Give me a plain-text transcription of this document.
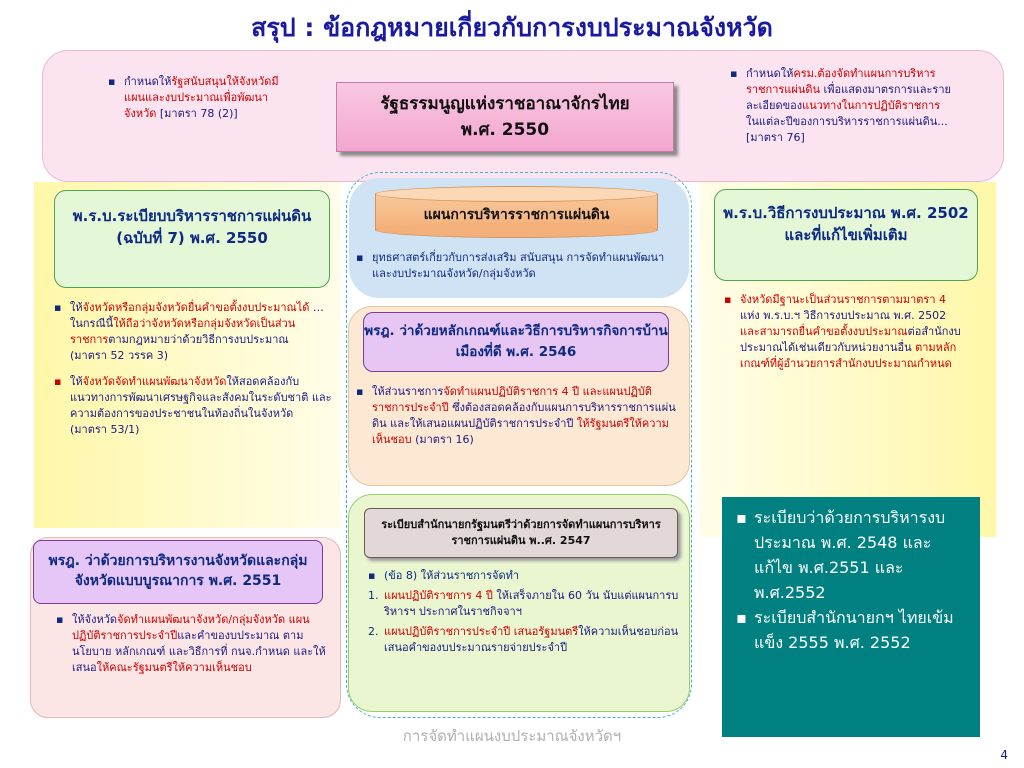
สรุป : ข้อกฎหมายเกี่ยวกับการงบประมาณจังหวัด
▪ กำหนดให้รัฐสนับสนุนให้จังหวัดมีแผนและงบประมาณเพื่อพัฒนาจังหวัด [มาตรา 78 (2)]	รัฐธรรมนูญแห่งราชอาณาจักรไทย
พ.ศ. 2550
▪ กำหนดให้ครม.ต้องจัดทำแผนการบริหารราชการแผ่นดิน เพื่อแสดงมาตรการและรายละเอียดของแนวทางในการปฏิบัติราชการในแต่ละปีของการบริหารราชการแผ่นดิน... [มาตรา 76]
พ.ร.บ.ระเบียบบริหารราชการแผ่นดิน (ฉบับที่ 7) พ.ศ. 2550
▪ ให้จังหวัดหรือกลุ่มจังหวัดยื่นคำขอตั้งงบประมาณได้ … ในกรณีนี้ให้ถือว่าจังหวัดหรือกลุ่มจังหวัดเป็นส่วนราชการตามกฎหมายว่าด้วยวิธีการงบประมาณ
(มาตรา 52 วรรค 3)
▪ ให้จังหวัดจัดทำแผนพัฒนาจังหวัดให้สอดคล้องกับแนวทางการพัฒนาเศรษฐกิจและสังคมในระดับชาติ และความต้องการของประชาชนในท้องถิ่นในจังหวัด
(มาตรา 53/1)
พรฎ. ว่าด้วยการบริหารงานจังหวัดและกลุ่มจังหวัดแบบบูรณาการ พ.ศ. 2551
▪ ให้จังหวัดจัดทำแผนพัฒนาจังหวัด/กลุ่มจังหวัด แผนปฏิบัติราชการประจำปีและคำของบประมาณ ตามนโยบาย หลักเกณฑ์ และวิธีการที่ กนจ.กำหนด และให้เสนอให้คณะรัฐมนตรีให้ความเห็นชอบ
แผนการบริหารราชการแผ่นดิน
▪ ยุทธศาสตร์เกี่ยวกับการส่งเสริม สนับสนุน การจัดทำแผนพัฒนาและงบประมาณจังหวัด/กลุ่มจังหวัด
พรฎ. ว่าด้วยหลักเกณฑ์และวิธีการบริหารกิจการบ้านเมืองที่ดี พ.ศ. 2546
▪ ให้ส่วนราชการจัดทำแผนปฏิบัติราชการ 4 ปี และแผนปฏิบัติราชการประจำปี ซึ่งต้องสอดคล้องกับแผนการบริหารราชการแผ่นดิน และให้เสนอแผนปฏิบัติราชการประจำปี ให้รัฐมนตรีให้ความเห็นชอบ (มาตรา 16)
ระเบียบสำนักนายกรัฐมนตรีว่าด้วยการจัดทำแผนการบริหารราชการแผ่นดิน พ..ศ. 2547
▪ (ข้อ 8) ให้ส่วนราชการจัดทำ
1. แผนปฏิบัติราชการ 4 ปี ให้เสร็จภายใน 60 วัน นับแต่แผนการบริหารฯ ประกาศในราชกิจจาฯ
2. แผนปฏิบัติราชการประจำปี เสนอรัฐมนตรีให้ความเห็นชอบก่อนเสนอคำของบประมาณรายจ่ายประจำปี
พ.ร.บ.วิธีการงบประมาณ พ.ศ. 2502 และที่แก้ไขเพิ่มเติม
▪ จังหวัดมีฐานะเป็นส่วนราชการตามมาตรา 4 แห่ง พ.ร.บ.ฯ วิธีการงบประมาณ พ.ศ. 2502 และสามารถยื่นคำขอตั้งงบประมาณต่อสำนักงบประมาณได้เช่นเดียวกับหน่วยงานอื่น ตามหลักเกณฑ์ที่ผู้อำนวยการสำนักงบประมาณกำหนด
▪ ระเบียบว่าด้วยการบริหารงบประมาณ พ.ศ. 2548 และแก้ไข พ.ศ.2551 และ พ.ศ.2552
▪ ระเบียบสำนักนายกฯ ไทยเข้มแข็ง 2555 พ.ศ. 2552
การจัดทำแผนงบประมาณจังหวัดฯ
4
